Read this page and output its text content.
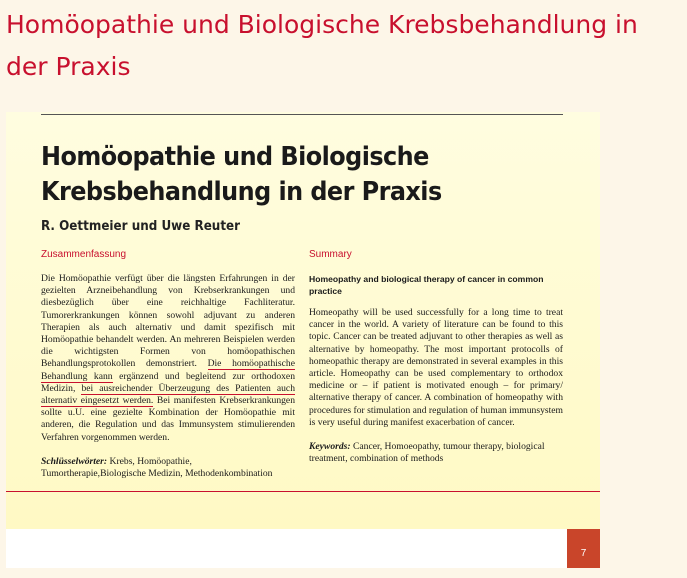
Homöopathie und Biologische Krebsbehandlung in der Praxis
Homöopathie und Biologische Krebsbehandlung in der Praxis
R. Oettmeier und Uwe Reuter
Zusammenfassung	Summary

Die Homöopathie verfügt über die längsten Erfahrungen in der gezielten Arzneibehandlung von Krebserkrankungen und diesbezüglich über eine reichhaltige Fachliteratur. Tumorerkrankungen können sowohl adjuvant zu anderen Therapien als auch alternativ und damit spezifisch mit Homöopathie behandelt werden. An mehreren Beispielen werden die wichtigsten Formen von homöopathischen Behandlungsprotokollen demonstriert. Die homöopathische Behandlung kann ergänzend und begleitend zur orthodoxen Medizin, bei ausreichender Überzeugung des Patienten auch alternativ eingesetzt werden. Bei manifesten Krebserkrankungen sollte u.U. eine gezielte Kombination der Homöopathie mit anderen, die Regulation und das Immunsystem stimulierenden Verfahren vorgenommen werden.

Schlüsselwörter: Krebs, Homöopathie, Tumortherapie,Biologische Medizin, Methodenkombination

Homeopathy and biological therapy of cancer in common practice

Homeopathy will be used successfully for a long time to treat cancer in the world. A variety of literature can be found to this topic. Cancer can be treated adjuvant to other therapies as well as alternative by homeopathy. The most important protocolls of homeopathic therapy are demonstrated in several examples in this article. Homeopathy can be used complementary to orthodox medicine or – if patient is motivated enough – for primary/ alternative therapy of cancer. A combination of homeopathy with procedures for stimulation and regulation of human immunsystem is very useful during manifest exacerbation of cancer.

Keywords: Cancer, Homoeopathy, tumour therapy, biological treatment, combination of methods

7
